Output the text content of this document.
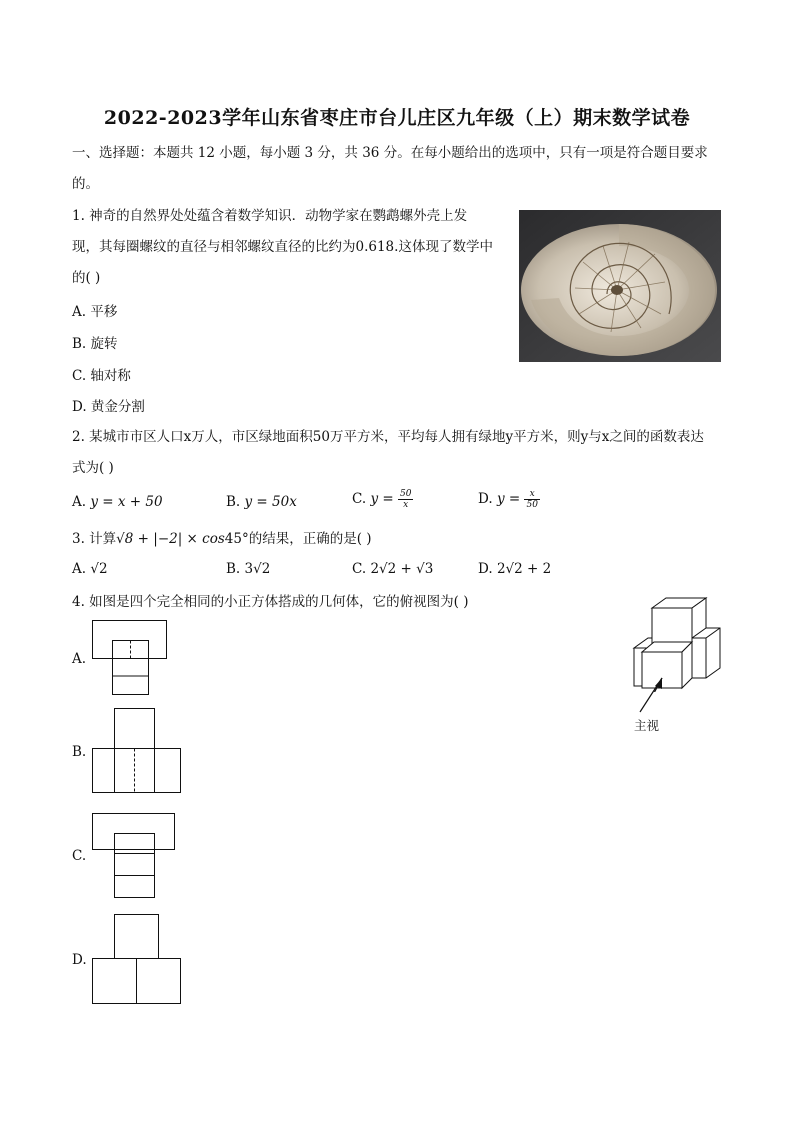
2022-2023学年山东省枣庄市台儿庄区九年级（上）期末数学试卷
一、选择题：本题共 12 小题，每小题 3 分，共 36 分。在每小题给出的选项中，只有一项是符合题目要求
的。
1. 神奇的自然界处处蕴含着数学知识．动物学家在鹦鹉螺外壳上发
现，其每圈螺纹的直径与相邻螺纹直径的比约为0.618.这体现了数学中
的( )
A. 平移
B. 旋转
C. 轴对称
D. 黄金分割
2. 某城市市区人口x万人，市区绿地面积50万平方米，平均每人拥有绿地y平方米，则y与x之间的函数表达
式为( )
A. y = x + 50	B. y = 50x	C. $y = \frac{50}{x}$	D. $y = \frac{x}{50}$
3. 计算√8 + |−2| × cos45°的结果，正确的是( )
A. √2	B. 3√2	C. 2√2 + √3	D. 2√2 + 2
4. 如图是四个完全相同的小正方体搭成的几何体，它的俯视图为( )
主视
A.
B.
C.
D.
